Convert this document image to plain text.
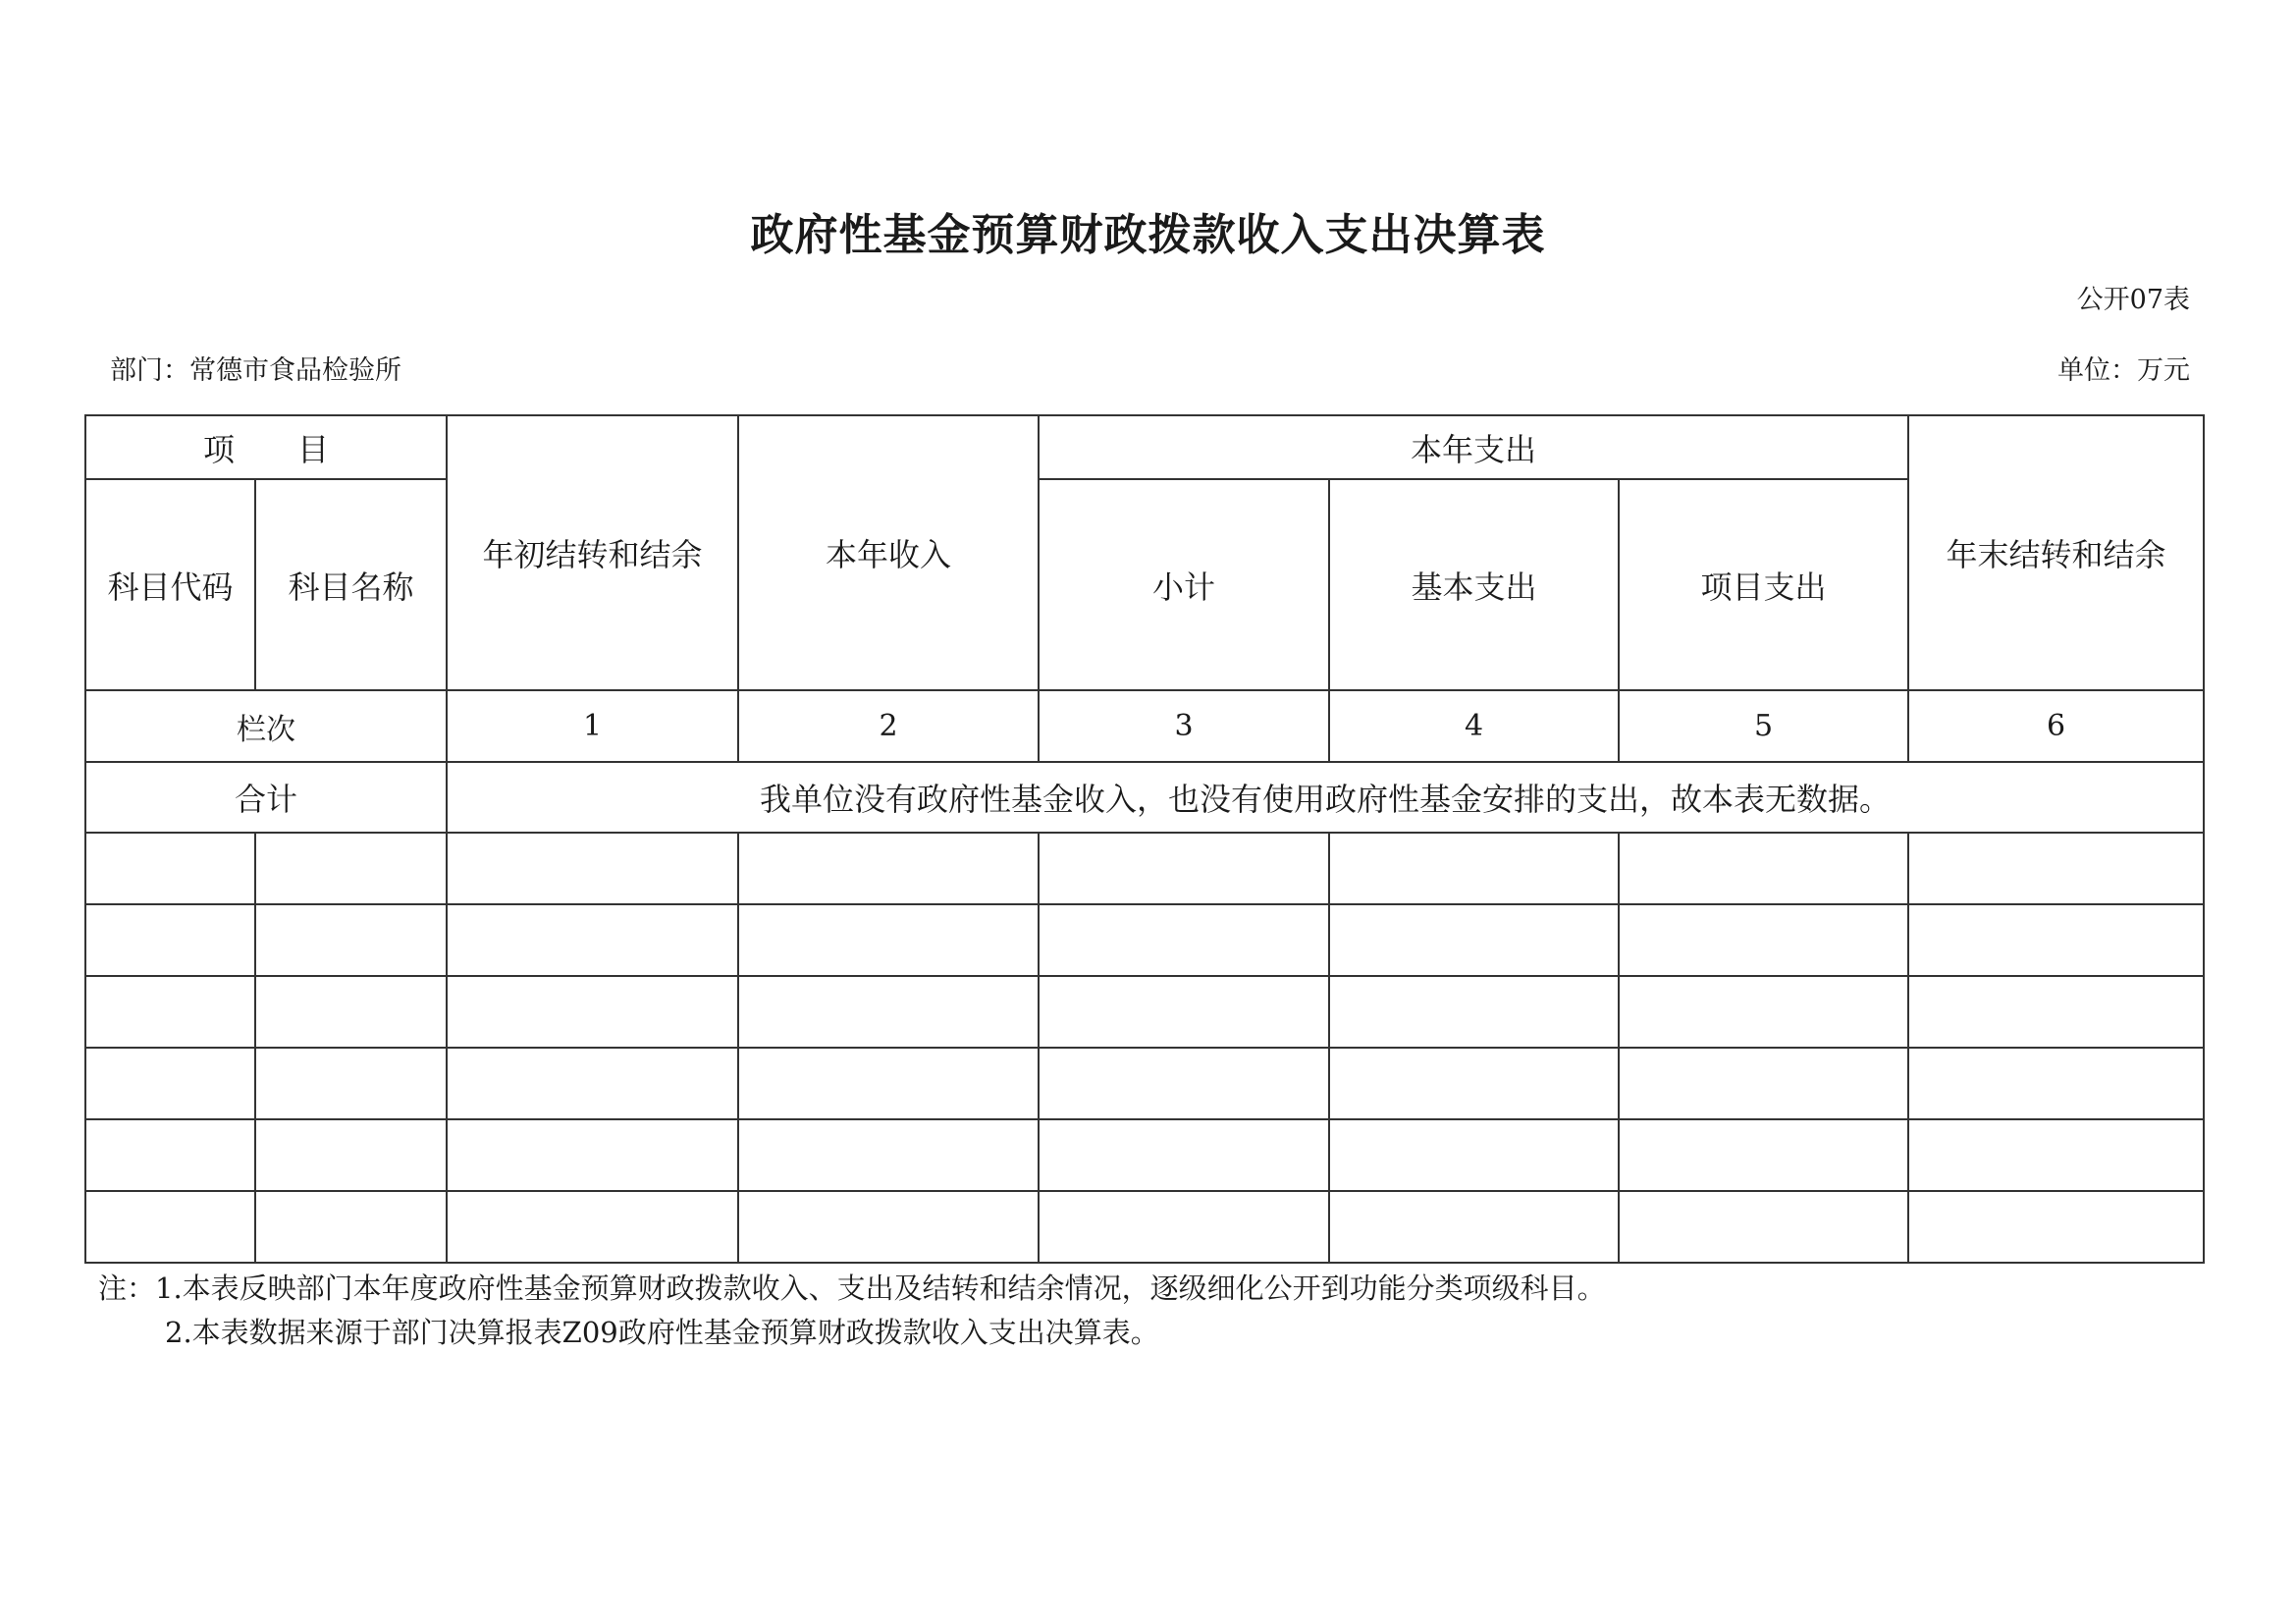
政府性基金预算财政拨款收入支出决算表
公开07表
部门：常德市食品检验所	单位：万元
项　　目		年初结转和结余	本年收入	本年支出			年末结转和结余
科目代码	科目名称			小计	基本支出	项目支出	
栏次		1	2	3	4	5	6
合计		我单位没有政府性基金收入，也没有使用政府性基金安排的支出，故本表无数据。					

注：1.本表反映部门本年度政府性基金预算财政拨款收入、支出及结转和结余情况，逐级细化公开到功能分类项级科目。
2.本表数据来源于部门决算报表Z09政府性基金预算财政拨款收入支出决算表。
